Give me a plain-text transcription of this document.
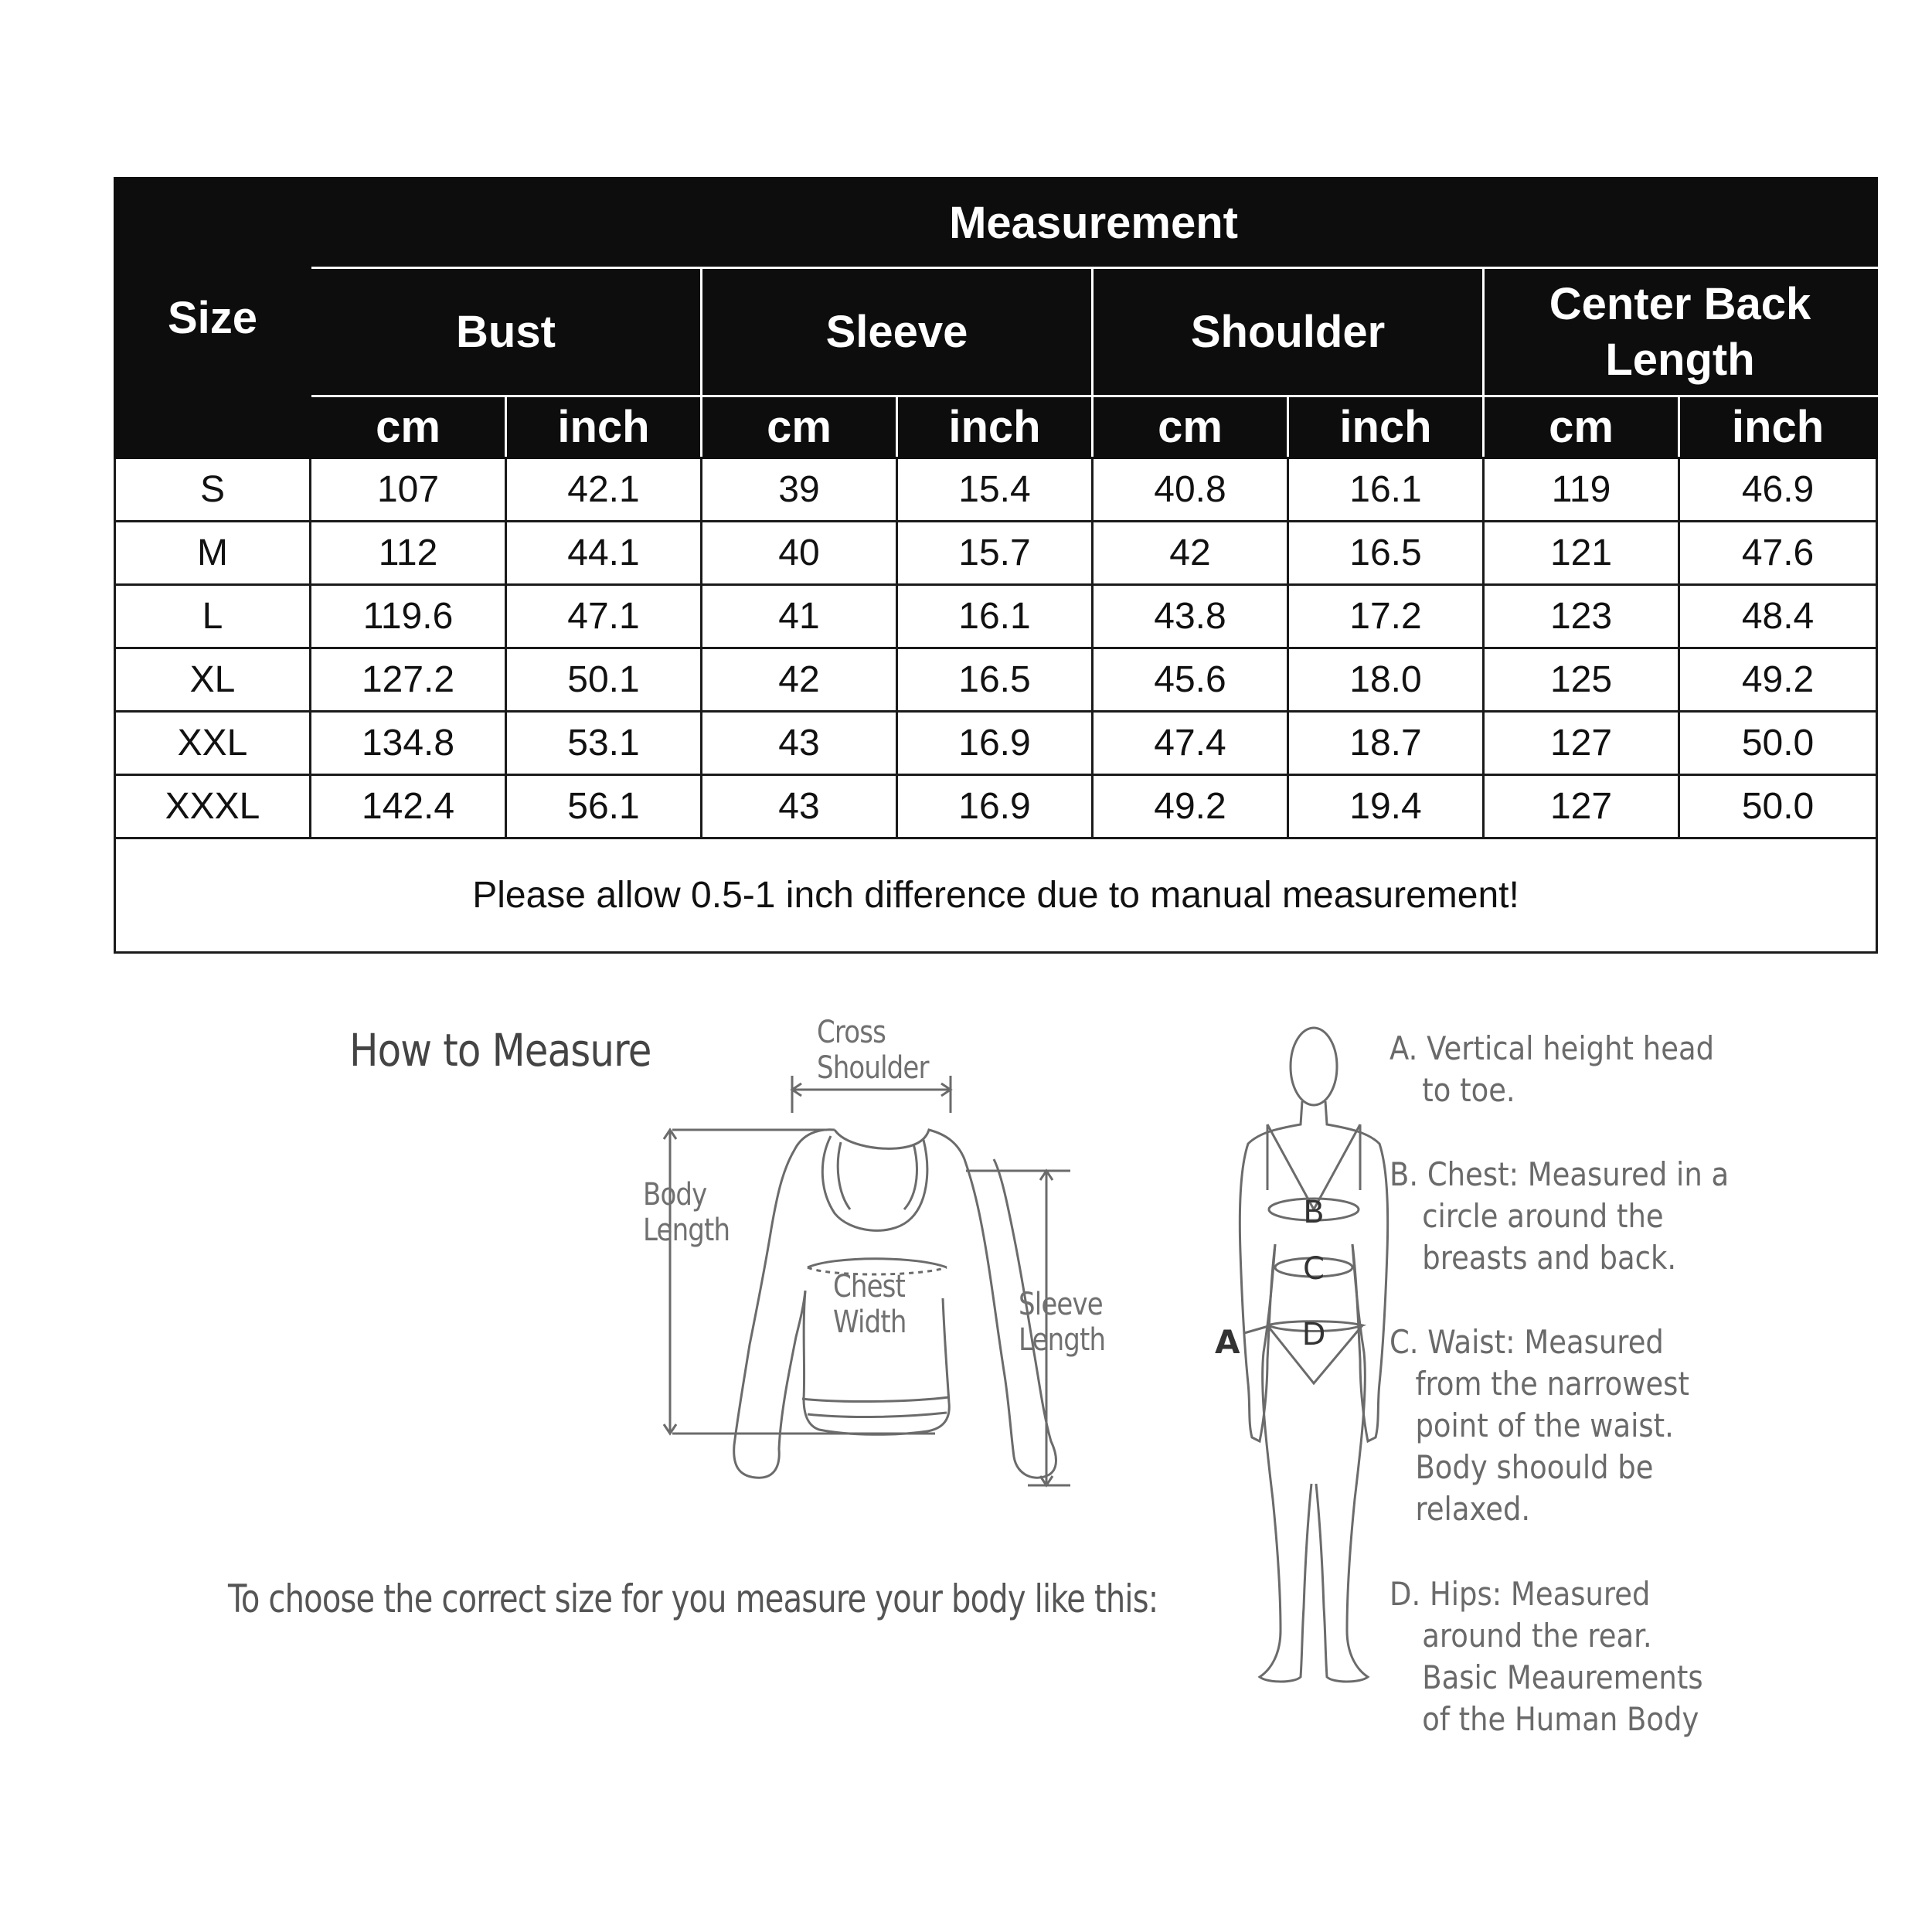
Size	Measurement							
	Bust		Sleeve		Shoulder		Center Back Length	
	cm	inch	cm	inch	cm	inch	cm	inch
S	107	42.1	39	15.4	40.8	16.1	119	46.9
M	112	44.1	40	15.7	42	16.5	121	47.6
L	119.6	47.1	41	16.1	43.8	17.2	123	48.4
XL	127.2	50.1	42	16.5	45.6	18.0	125	49.2
XXL	134.8	53.1	43	16.9	47.4	18.7	127	50.0
XXXL	142.4	56.1	43	16.9	49.2	19.4	127	50.0
Please allow 0.5-1 inch difference due to manual measurement!								
How to Measure
To choose the correct size for you measure your body like this:
Cross
Shoulder
Body
Length
Chest
Width	Sleeve
Length
B
C
D
A
A. Vertical height head
to toe.
B. Chest: Measured in a
circle around the
breasts and back.
C. Waist: Measured
from the narrowest
point of the waist.
Body shoould be
relaxed.
D. Hips: Measured
around the rear.
Basic Meaurements
of the Human Body
